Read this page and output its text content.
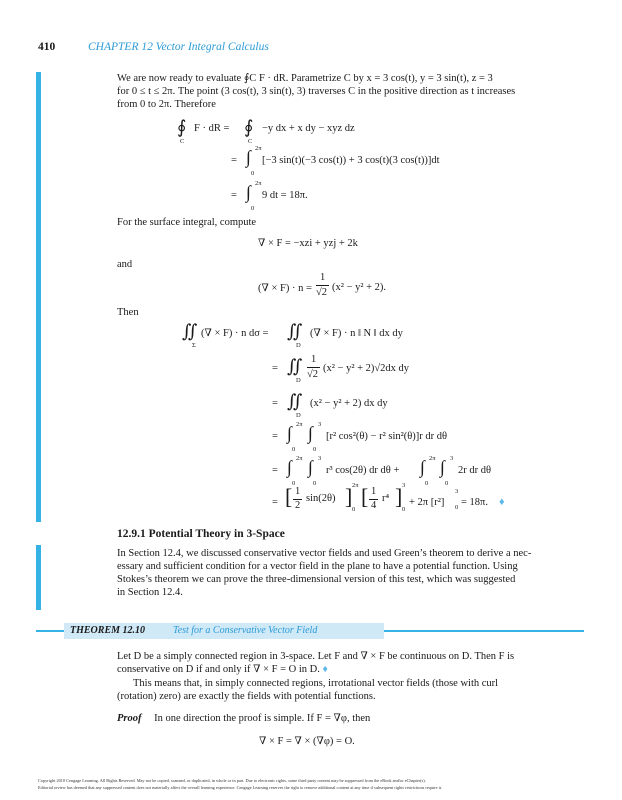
410	CHAPTER 12 Vector Integral Calculus
We are now ready to evaluate ∮C F · dR. Parametrize C by x = 3 cos(t), y = 3 sin(t), z = 3
for 0 ≤ t ≤ 2π. The point (3 cos(t), 3 sin(t), 3) traverses C in the positive direction as t increases
from 0 to 2π. Therefore
∮
C
F · dR = ∮
C
−y dx + x dy − xyz dz
= ∫ 2π
0
[−3 sin(t)(−3 cos(t)) + 3 cos(t)(3 cos(t))]dt
= ∫ 2π
0
9 dt = 18π.
For the surface integral, compute
∇ × F = −xzi + yzj + 2k
and
(∇ × F) · n =
1
√2 (x² − y² + 2).
Then
∬
Σ
(∇ × F) · n dσ = ∬
D
(∇ × F) · n ‖ N ‖ dx dy
= ∬
D
1
√2
(x² − y² + 2)√2dx dy
= ∬
D
(x² − y² + 2) dx dy
= ∫ 2π
0
∫ 3
0
[r² cos²(θ) − r² sin²(θ)]r dr dθ
= ∫ 2π
0
∫ 3
0
r³ cos(2θ) dr dθ + ∫ 2π
0
∫ 3
0
2r dr dθ
= [ 1
2
sin(2θ) ] 2π
0
[ 1
4
r⁴ ] 3
0
+ 2π [r²]
3
0 = 18π. ♦
12.9.1 Potential Theory in 3-Space
In Section 12.4, we discussed conservative vector fields and used Green’s theorem to derive a nec-
essary and sufficient condition for a vector field in the plane to have a potential function. Using
Stokes’s theorem we can prove the three-dimensional version of this test, which was suggested
in Section 12.4.
THEOREM 12.10	Test for a Conservative Vector Field
Let D be a simply connected region in 3-space. Let F and ∇ × F be continuous on D. Then F is
conservative on D if and only if ∇ × F = O in D. ♦
This means that, in simply connected regions, irrotational vector fields (those with curl
(rotation) zero) are exactly the fields with potential functions.
Proof In one direction the proof is simple. If F = ∇φ, then
∇ × F = ∇ × (∇φ) = O.
Copyright 2010 Cengage Learning. All Rights Reserved. May not be copied, scanned, or duplicated, in whole or in part. Due to electronic rights, some third party content may be suppressed from the eBook and/or eChapter(s).
Editorial review has deemed that any suppressed content does not materially affect the overall learning experience. Cengage Learning reserves the right to remove additional content at any time if subsequent rights restrictions require it.
